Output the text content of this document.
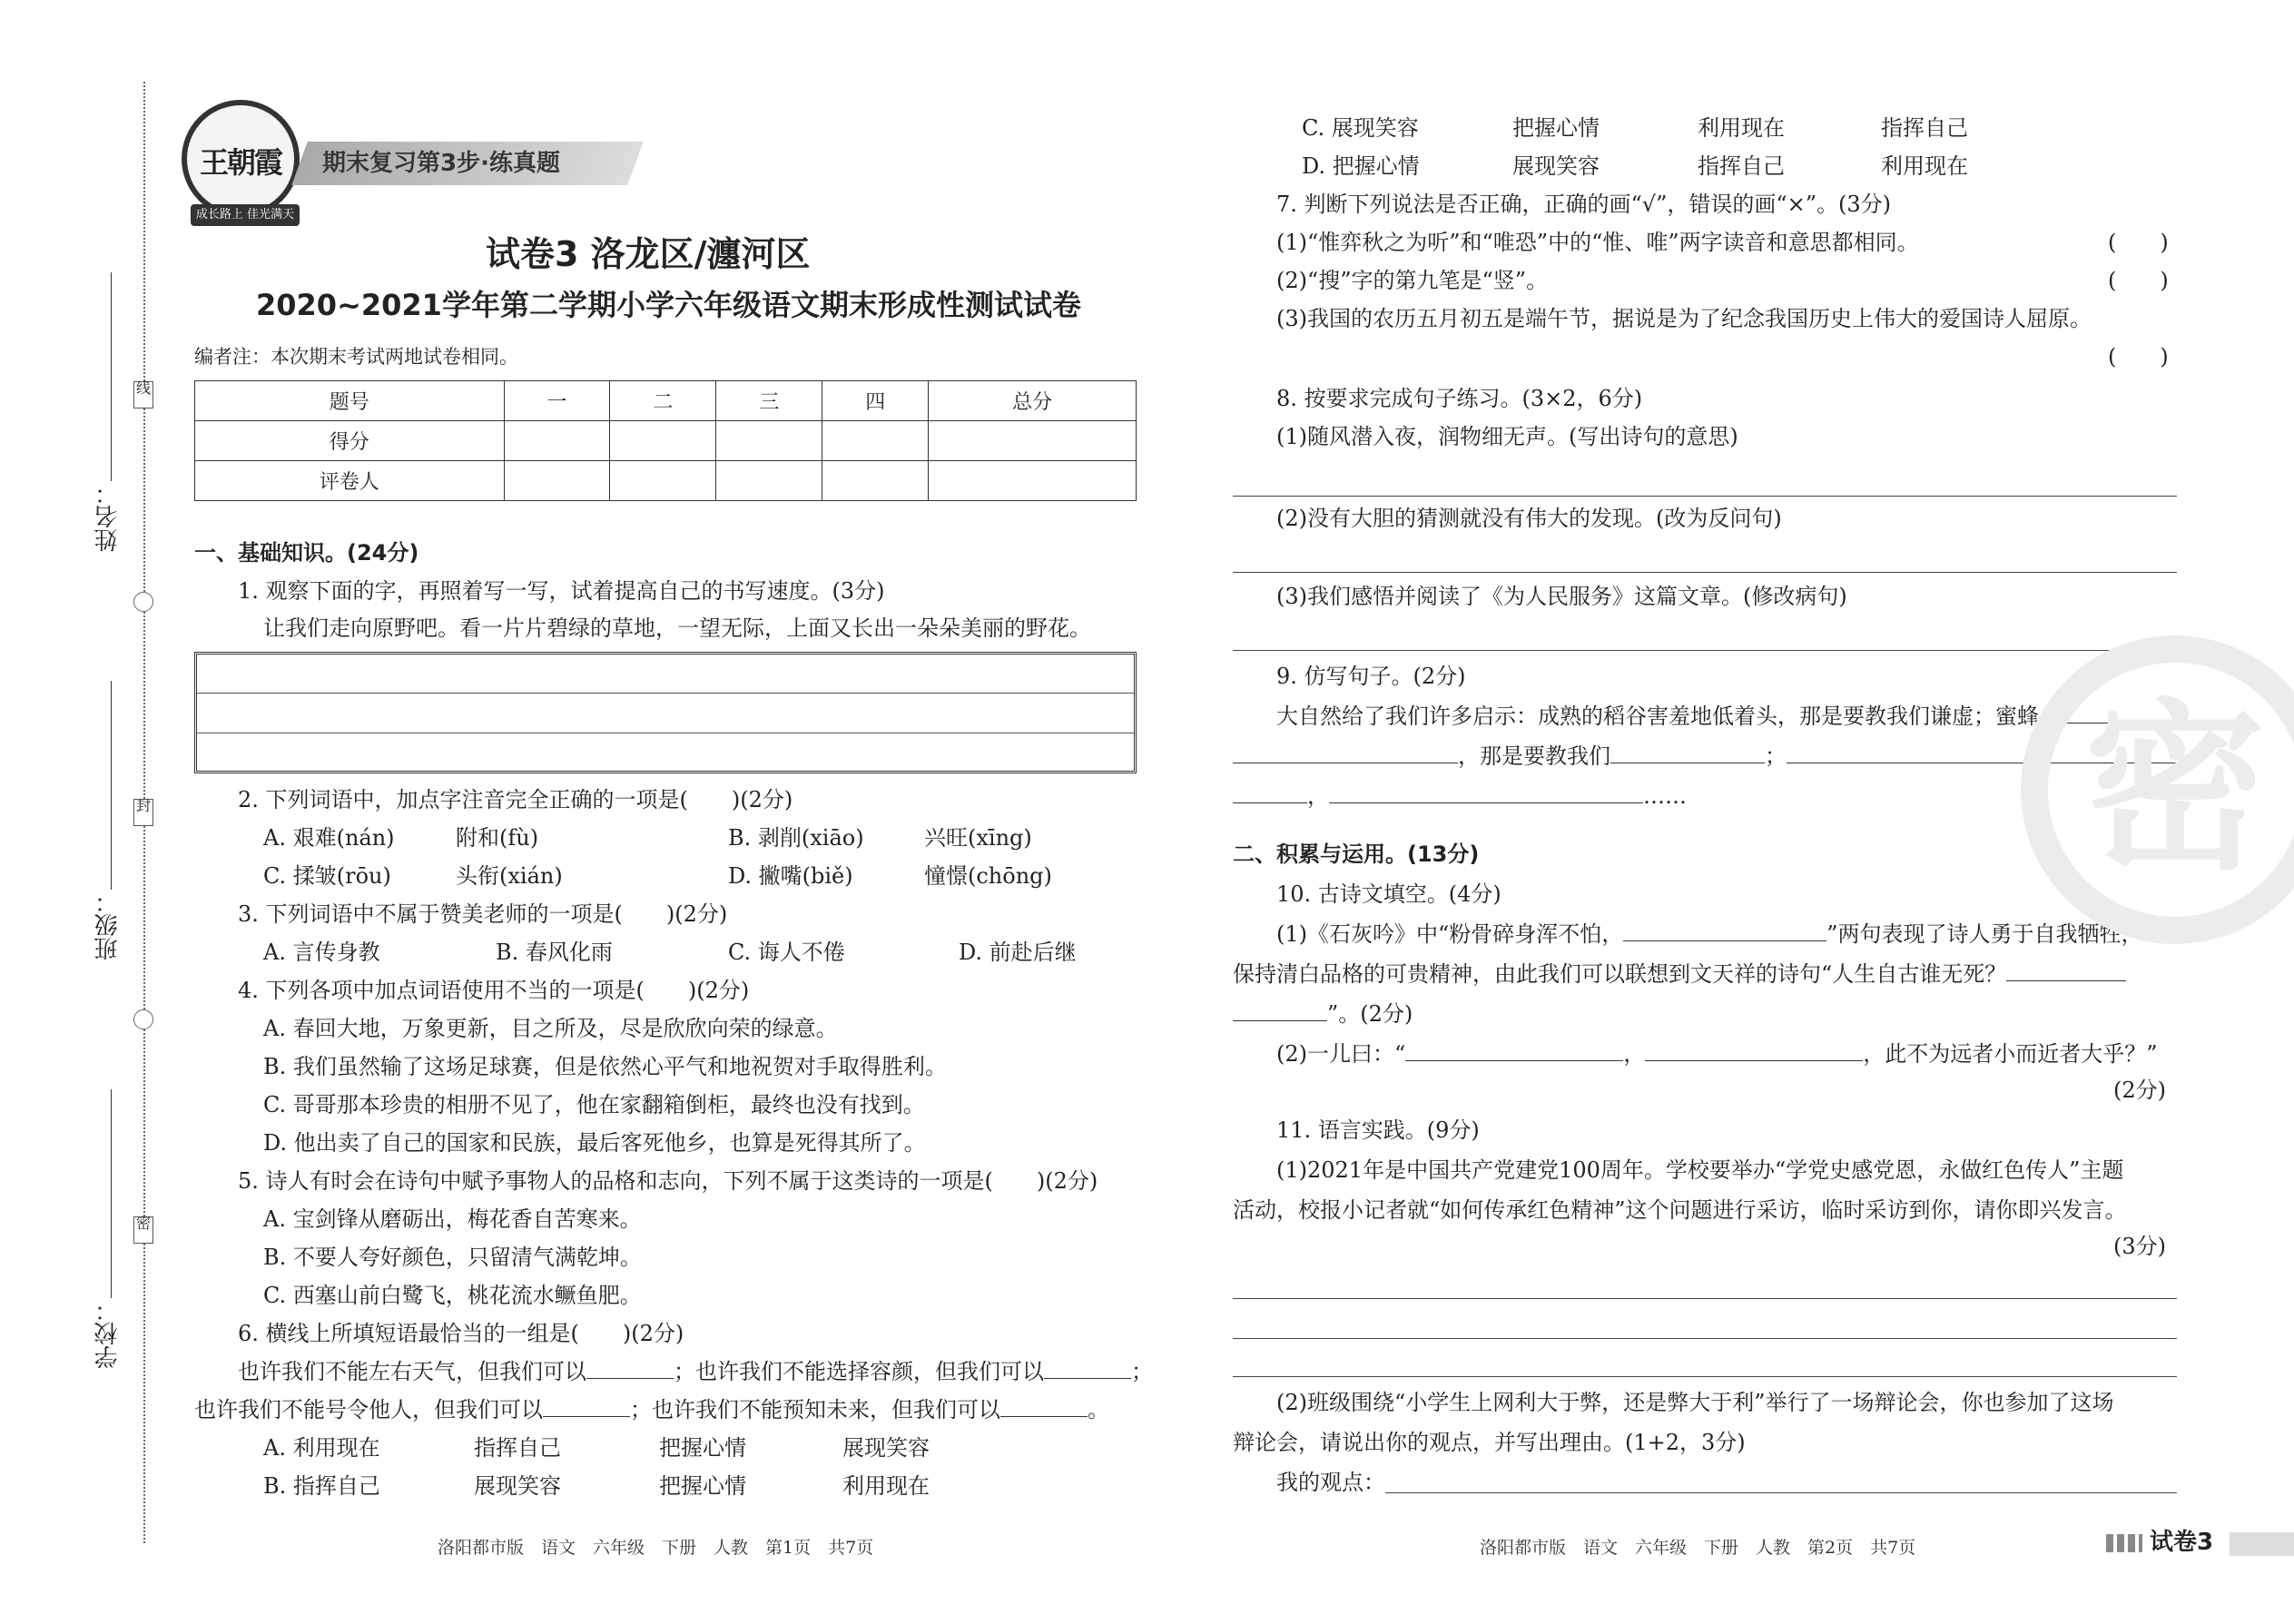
线
封
密
姓名：
班级：
学校：
王朝霞
成长路上 佳光满天
期末复习第3步·练真题
试卷3 洛龙区/瀍河区
2020~2021学年第二学期小学六年级语文期末形成性测试试卷
编者注：本次期末考试两地试卷相同。
题号	一	二	三	四	总分
得分					
评卷人					
一、基础知识。(24分)
1. 观察下面的字，再照着写一写，试着提高自己的书写速度。(3分)
让我们走向原野吧。看一片片碧绿的草地，一望无际，上面又长出一朵朵美丽的野花。
2. 下列词语中，加点字注音完全正确的一项是(　　)(2分)
A. 艰难(nán)	附和(fù)	B. 剥削(xiāo)	兴旺(xīng)
C. 揉皱(rōu)	头衔(xián)	D. 撇嘴(biě)	憧憬(chōng)
3. 下列词语中不属于赞美老师的一项是(　　)(2分)
A. 言传身教	B. 春风化雨	C. 诲人不倦	D. 前赴后继
4. 下列各项中加点词语使用不当的一项是(　　)(2分)
A. 春回大地，万象更新，目之所及，尽是欣欣向荣的绿意。
B. 我们虽然输了这场足球赛，但是依然心平气和地祝贺对手取得胜利。
C. 哥哥那本珍贵的相册不见了，他在家翻箱倒柜，最终也没有找到。
D. 他出卖了自己的国家和民族，最后客死他乡，也算是死得其所了。
5. 诗人有时会在诗句中赋予事物人的品格和志向，下列不属于这类诗的一项是(　　)(2分)
A. 宝剑锋从磨砺出，梅花香自苦寒来。
B. 不要人夸好颜色，只留清气满乾坤。
C. 西塞山前白鹭飞，桃花流水鳜鱼肥。
6. 横线上所填短语最恰当的一组是(　　)(2分)
也许我们不能左右天气，但我们可以	；也许我们不能选择容颜，但我们可以	；
也许我们不能号令他人，但我们可以	；也许我们不能预知未来，但我们可以	。
A. 利用现在	指挥自己	把握心情	展现笑容
B. 指挥自己	展现笑容	把握心情	利用现在
洛阳都市版　语文　六年级　下册　人教　第1页　共7页
C. 展现笑容	把握心情	利用现在	指挥自己
D. 把握心情	展现笑容	指挥自己	利用现在
7. 判断下列说法是否正确，正确的画“√”，错误的画“×”。(3分)
(1)“惟弈秋之为听”和“唯恐”中的“惟、唯”两字读音和意思都相同。	(　　)
(2)“搜”字的第九笔是“竖”。	(　　)
(3)我国的农历五月初五是端午节，据说是为了纪念我国历史上伟大的爱国诗人屈原。
(　　)
8. 按要求完成句子练习。(3×2，6分)
(1)随风潜入夜，润物细无声。(写出诗句的意思)
(2)没有大胆的猜测就没有伟大的发现。(改为反问句)
(3)我们感悟并阅读了《为人民服务》这篇文章。(修改病句)
9. 仿写句子。(2分)
大自然给了我们许多启示：成熟的稻谷害羞地低着头，那是要教我们谦虚；蜜蜂
，那是要教我们	；
，	……
二、积累与运用。(13分)
10. 古诗文填空。(4分)
(1)《石灰吟》中“粉骨碎身浑不怕，	”两句表现了诗人勇于自我牺牲，
保持清白品格的可贵精神，由此我们可以联想到文天祥的诗句“人生自古谁无死？
”。(2分)
(2)一儿曰：“	，	，此不为远者小而近者大乎？”
(2分)
11. 语言实践。(9分)
(1)2021年是中国共产党建党100周年。学校要举办“学党史感党恩，永做红色传人”主题
活动，校报小记者就“如何传承红色精神”这个问题进行采访，临时采访到你，请你即兴发言。
(3分)
(2)班级围绕“小学生上网利大于弊，还是弊大于利”举行了一场辩论会，你也参加了这场
辩论会，请说出你的观点，并写出理由。(1+2，3分)
我的观点：
洛阳都市版　语文　六年级　下册　人教　第2页　共7页	试卷3
密
